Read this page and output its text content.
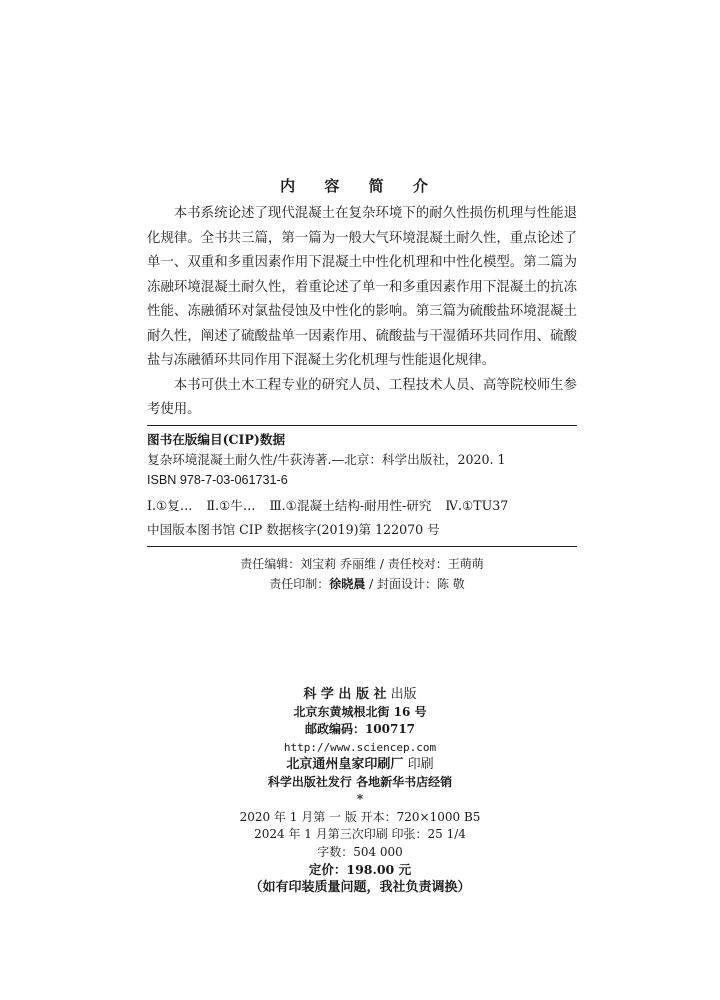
内 容 简 介

本书系统论述了现代混凝土在复杂环境下的耐久性损伤机理与性能退化规律。全书共三篇，第一篇为一般大气环境混凝土耐久性，重点论述了单一、双重和多重因素作用下混凝土中性化机理和中性化模型。第二篇为冻融环境混凝土耐久性，着重论述了单一和多重因素作用下混凝土的抗冻性能、冻融循环对氯盐侵蚀及中性化的影响。第三篇为硫酸盐环境混凝土耐久性，阐述了硫酸盐单一因素作用、硫酸盐与干湿循环共同作用、硫酸盐与冻融循环共同作用下混凝土劣化机理与性能退化规律。

本书可供土木工程专业的研究人员、工程技术人员、高等院校师生参考使用。

图书在版编目(CIP)数据
复杂环境混凝土耐久性/牛荻涛著.—北京：科学出版社，2020. 1
ISBN 978-7-03-061731-6
Ⅰ.①复… Ⅱ.①牛… Ⅲ.①混凝土结构-耐用性-研究 Ⅳ.①TU37
中国版本图书馆 CIP 数据核字(2019)第 122070 号
责任编辑：刘宝莉 乔丽维 / 责任校对：王萌萌
责任印制：徐晓晨 / 封面设计：陈 敬
科 学 出 版 社 出版
北京东黄城根北街 16 号
邮政编码：100717
http://www.sciencep.com
北京通州皇家印刷厂 印刷
科学出版社发行 各地新华书店经销
*
2020 年 1 月第 一 版 开本：720×1000 B5
2024 年 1 月第三次印刷 印张：25 1/4
字数：504 000
定价：198.00 元
（如有印装质量问题，我社负责调换）
